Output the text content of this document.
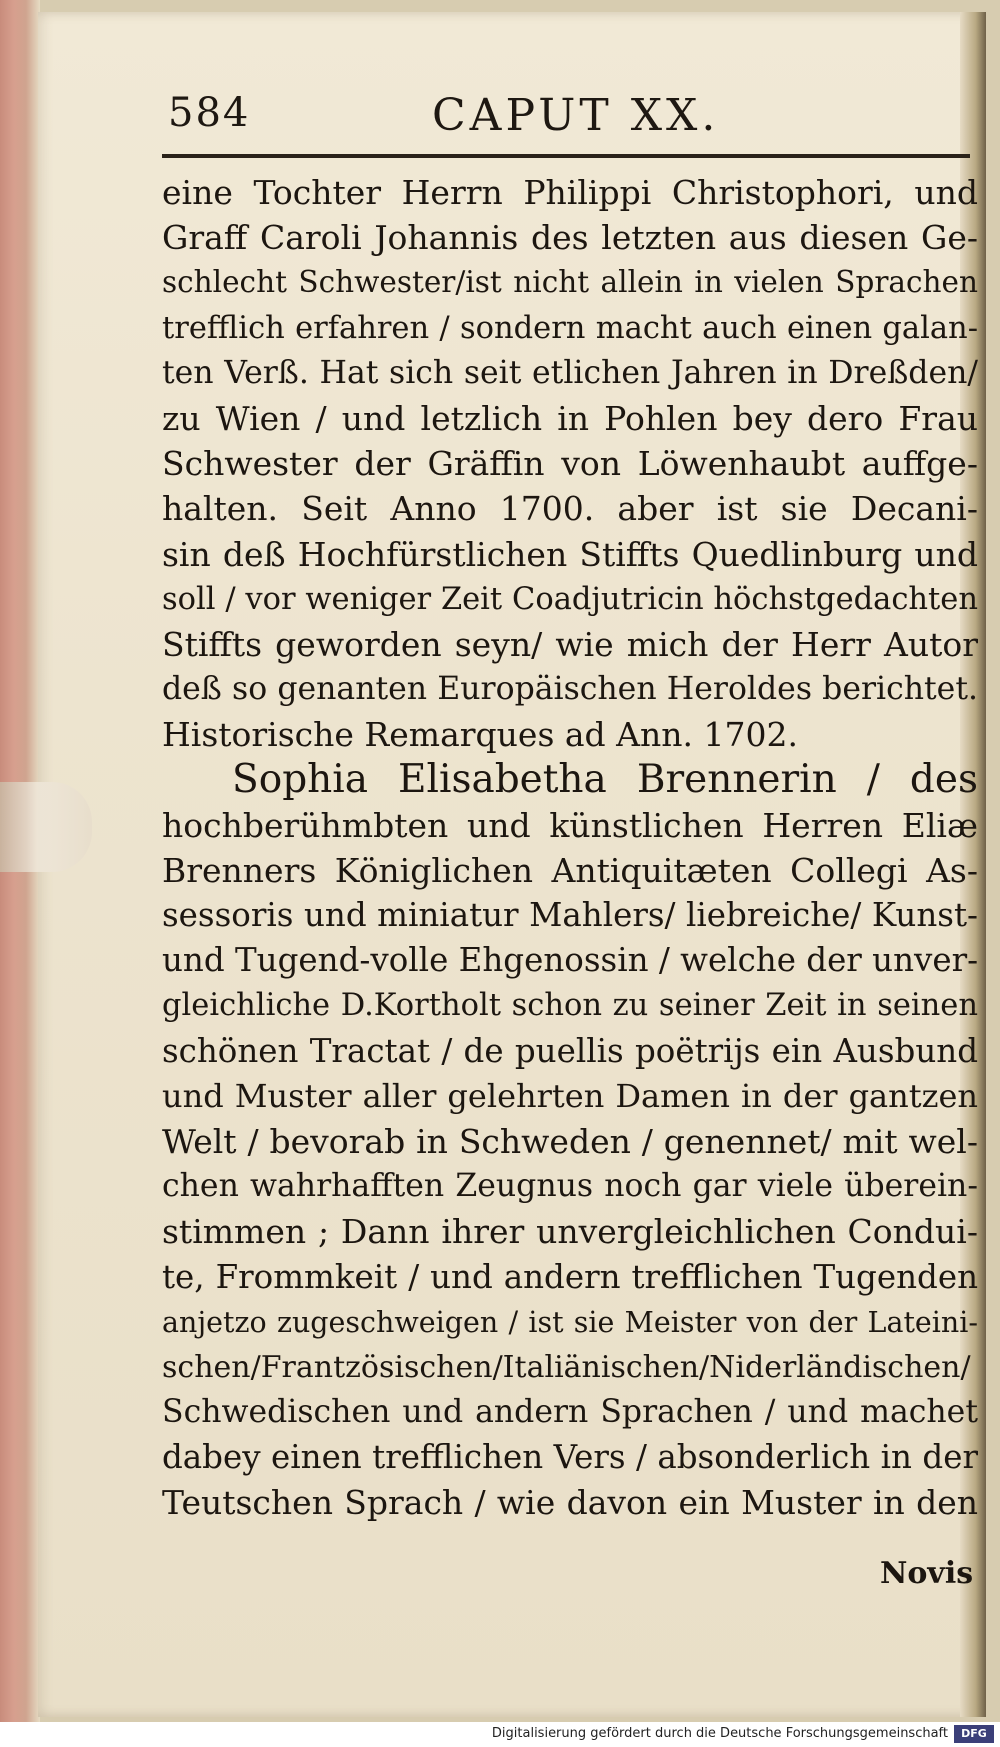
584	CAPUT XX.
eine Tochter Herrn Philippi Christophori, und
Graff Caroli Johannis des letzten aus diesen Ge-
schlecht Schwester/ist nicht allein in vielen Sprachen
trefflich erfahren / sondern macht auch einen galan-
ten Verß. Hat sich seit etlichen Jahren in Dreßden/
zu Wien / und letzlich in Pohlen bey dero Frau
Schwester der Gräffin von Löwenhaubt auffge-
halten. Seit Anno 1700. aber ist sie Decani-
sin deß Hochfürstlichen Stiffts Quedlinburg und
soll / vor weniger Zeit Coadjutricin höchstgedachten
Stiffts geworden seyn/ wie mich der Herr Autor
deß so genanten Europäischen Heroldes berichtet.
Historische Remarques ad Ann. 1702.
Sophia Elisabetha Brennerin / des
hochberühmbten und künstlichen Herren Eliæ
Brenners Königlichen Antiquitæten Collegi As-
sessoris und miniatur Mahlers/ liebreiche/ Kunst-
und Tugend-volle Ehgenossin / welche der unver-
gleichliche D.Kortholt schon zu seiner Zeit in seinen
schönen Tractat / de puellis poëtrijs ein Ausbund
und Muster aller gelehrten Damen in der gantzen
Welt / bevorab in Schweden / genennet/ mit wel-
chen wahrhafften Zeugnus noch gar viele überein-
stimmen ; Dann ihrer unvergleichlichen Condui-
te, Frommkeit / und andern trefflichen Tugenden
anjetzo zugeschweigen / ist sie Meister von der Lateini-
schen/Frantzösischen/Italiänischen/Niderländischen/
Schwedischen und andern Sprachen / und machet
dabey einen trefflichen Vers / absonderlich in der
Teutschen Sprach / wie davon ein Muster in den
Novis
Digitalisierung gefördert durch die Deutsche Forschungsgemeinschaft	DFG
